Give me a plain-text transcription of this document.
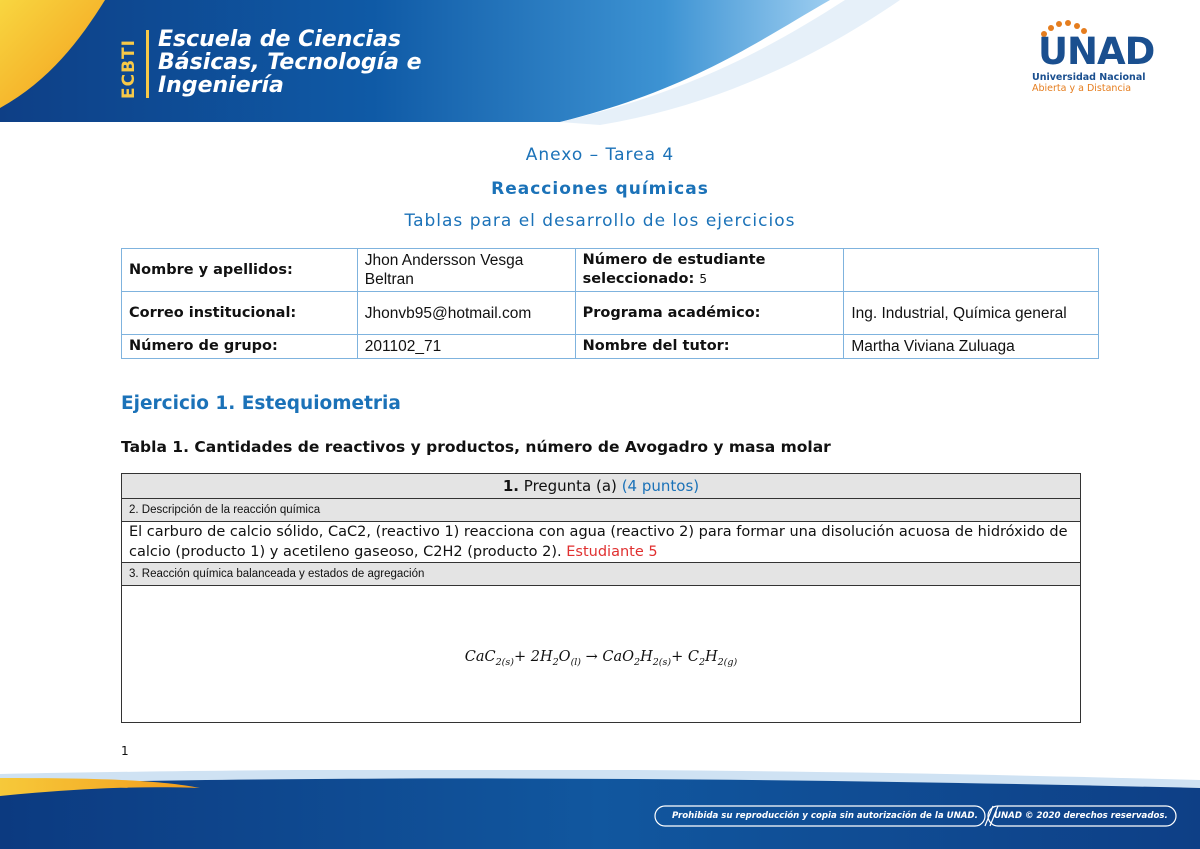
ECBTI Escuela de Ciencias
Básicas, Tecnología e
Ingeniería
UNAD
Universidad Nacional
Abierta y a Distancia
Anexo – Tarea 4
Reacciones químicas
Tablas para el desarrollo de los ejercicios
Nombre y apellidos:	Jhon Andersson Vesga Beltran	Número de estudiante seleccionado: 5	
Correo institucional:	Jhonvb95@hotmail.com	Programa académico:	Ing. Industrial, Química general
Número de grupo:	201102_71	Nombre del tutor:	Martha Viviana Zuluaga
Ejercicio 1. Estequiometria
Tabla 1. Cantidades de reactivos y productos, número de Avogadro y masa molar
1. Pregunta (a) (4 puntos)
2. Descripción de la reacción química
El carburo de calcio sólido, CaC2, (reactivo 1) reacciona con agua (reactivo 2) para formar una disolución acuosa de hidróxido de calcio (producto 1) y acetileno gaseoso, C2H2 (producto 2). Estudiante 5
3. Reacción química balanceada y estados de agregación
$CaC_{2(s)}+ 2H_2O_{(l)} \to CaO_2H_{2(s)}+ C_2H_{2(g)}$
1
Prohibida su reproducción y copia sin autorización de la UNAD. UNAD © 2020 derechos reservados.
